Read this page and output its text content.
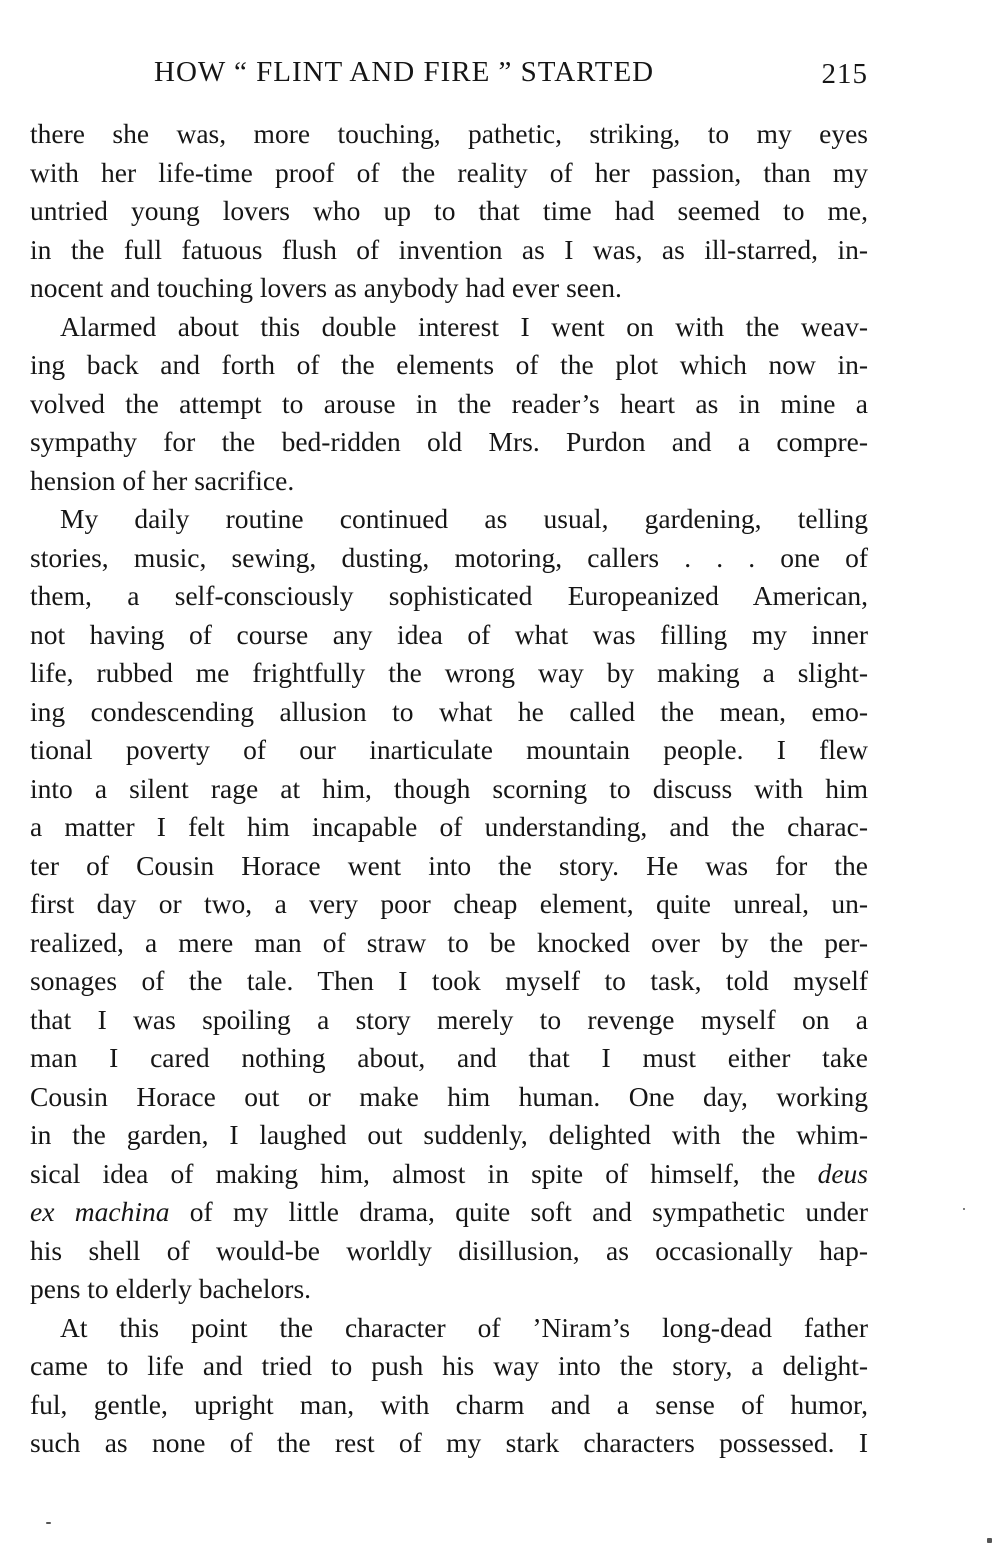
HOW “ FLINT AND FIRE ” STARTED	215
there she was, more touching, pathetic, striking, to my eyes
with her life-time proof of the reality of her passion, than my
untried young lovers who up to that time had seemed to me,
in the full fatuous flush of invention as I was, as ill-starred, in-
nocent and touching lovers as anybody had ever seen.
Alarmed about this double interest I went on with the weav-
ing back and forth of the elements of the plot which now in-
volved the attempt to arouse in the reader’s heart as in mine a
sympathy for the bed-ridden old Mrs. Purdon and a compre-
hension of her sacrifice.
My daily routine continued as usual, gardening, telling
stories, music, sewing, dusting, motoring, callers . . . one of
them, a self-consciously sophisticated Europeanized American,
not having of course any idea of what was filling my inner
life, rubbed me frightfully the wrong way by making a slight-
ing condescending allusion to what he called the mean, emo-
tional poverty of our inarticulate mountain people. I flew
into a silent rage at him, though scorning to discuss with him
a matter I felt him incapable of understanding, and the charac-
ter of Cousin Horace went into the story. He was for the
first day or two, a very poor cheap element, quite unreal, un-
realized, a mere man of straw to be knocked over by the per-
sonages of the tale. Then I took myself to task, told myself
that I was spoiling a story merely to revenge myself on a
man I cared nothing about, and that I must either take
Cousin Horace out or make him human. One day, working
in the garden, I laughed out suddenly, delighted with the whim-
sical idea of making him, almost in spite of himself, the deus
ex machina of my little drama, quite soft and sympathetic under
his shell of would-be worldly disillusion, as occasionally hap-
pens to elderly bachelors.
At this point the character of ’Niram’s long-dead father
came to life and tried to push his way into the story, a delight-
ful, gentle, upright man, with charm and a sense of humor,
such as none of the rest of my stark characters possessed. I
